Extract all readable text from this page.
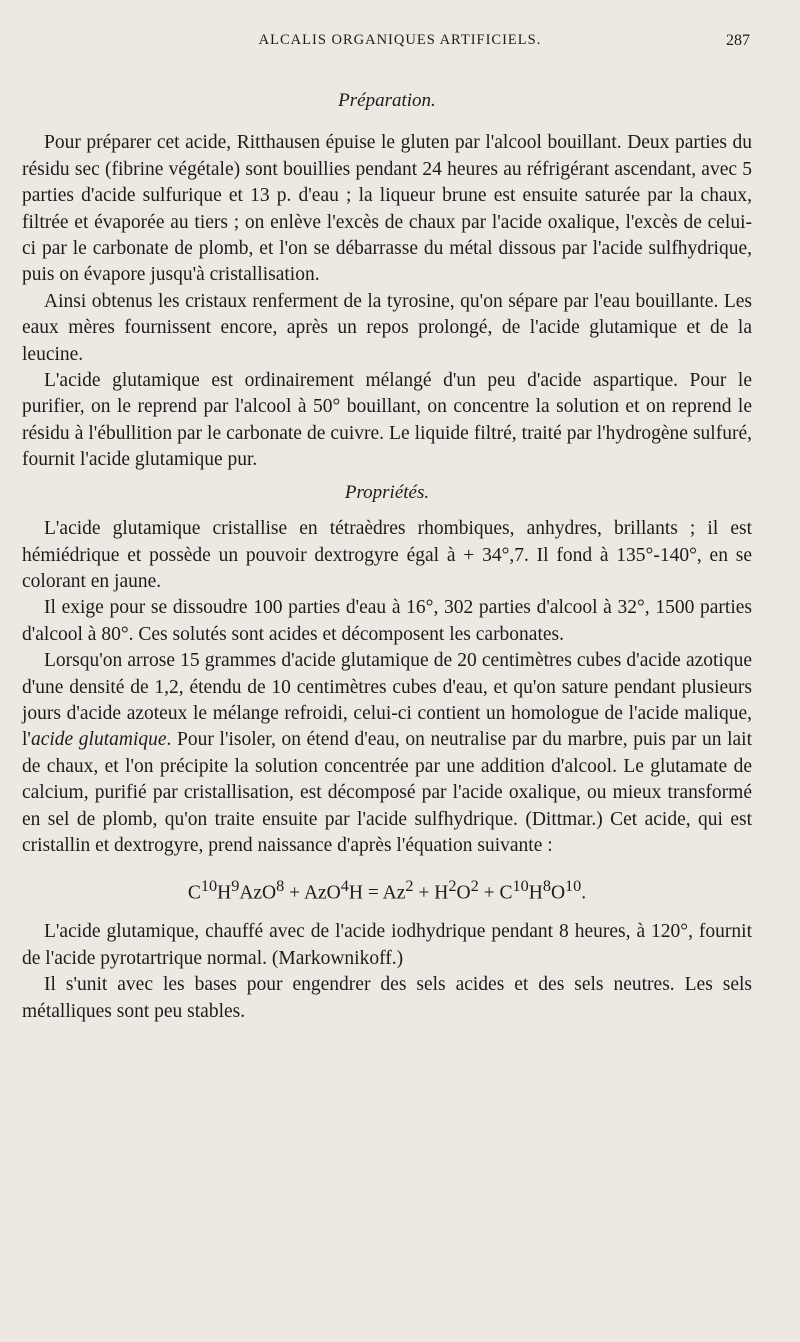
ALCALIS ORGANIQUES ARTIFICIELS.	287

Préparation.

Pour préparer cet acide, Ritthausen épuise le gluten par l'alcool bouillant. Deux parties du résidu sec (fibrine végétale) sont bouillies pendant 24 heures au réfrigérant ascendant, avec 5 parties d'acide sulfurique et 13 p. d'eau ; la liqueur brune est ensuite saturée par la chaux, filtrée et évaporée au tiers ; on enlève l'excès de chaux par l'acide oxalique, l'excès de celui-ci par le carbonate de plomb, et l'on se débarrasse du métal dissous par l'acide sulfhydrique, puis on évapore jusqu'à cristallisation.

Ainsi obtenus les cristaux renferment de la tyrosine, qu'on sépare par l'eau bouillante. Les eaux mères fournissent encore, après un repos prolongé, de l'acide glutamique et de la leucine.

L'acide glutamique est ordinairement mélangé d'un peu d'acide aspartique. Pour le purifier, on le reprend par l'alcool à 50° bouillant, on concentre la solution et on reprend le résidu à l'ébullition par le carbonate de cuivre. Le liquide filtré, traité par l'hydrogène sulfuré, fournit l'acide glutamique pur.

Propriétés.

L'acide glutamique cristallise en tétraèdres rhombiques, anhydres, brillants ; il est hémiédrique et possède un pouvoir dextrogyre égal à + 34°,7. Il fond à 135°-140°, en se colorant en jaune.

Il exige pour se dissoudre 100 parties d'eau à 16°, 302 parties d'alcool à 32°, 1500 parties d'alcool à 80°. Ces solutés sont acides et décomposent les carbonates.

Lorsqu'on arrose 15 grammes d'acide glutamique de 20 centimètres cubes d'acide azotique d'une densité de 1,2, étendu de 10 centimètres cubes d'eau, et qu'on sature pendant plusieurs jours d'acide azoteux le mélange refroidi, celui-ci contient un homologue de l'acide malique, l'acide glutamique. Pour l'isoler, on étend d'eau, on neutralise par du marbre, puis par un lait de chaux, et l'on précipite la solution concentrée par une addition d'alcool. Le glutamate de calcium, purifié par cristallisation, est décomposé par l'acide oxalique, ou mieux transformé en sel de plomb, qu'on traite ensuite par l'acide sulfhydrique. (Dittmar.) Cet acide, qui est cristallin et dextrogyre, prend naissance d'après l'équation suivante :

$C^{10}H^9AzO^8 + AzO^4H = Az^2 + H^2O^2 + C^{10}H^8O^{10}$.

L'acide glutamique, chauffé avec de l'acide iodhydrique pendant 8 heures, à 120°, fournit de l'acide pyrotartrique normal. (Markownikoff.)

Il s'unit avec les bases pour engendrer des sels acides et des sels neutres. Les sels métalliques sont peu stables.
